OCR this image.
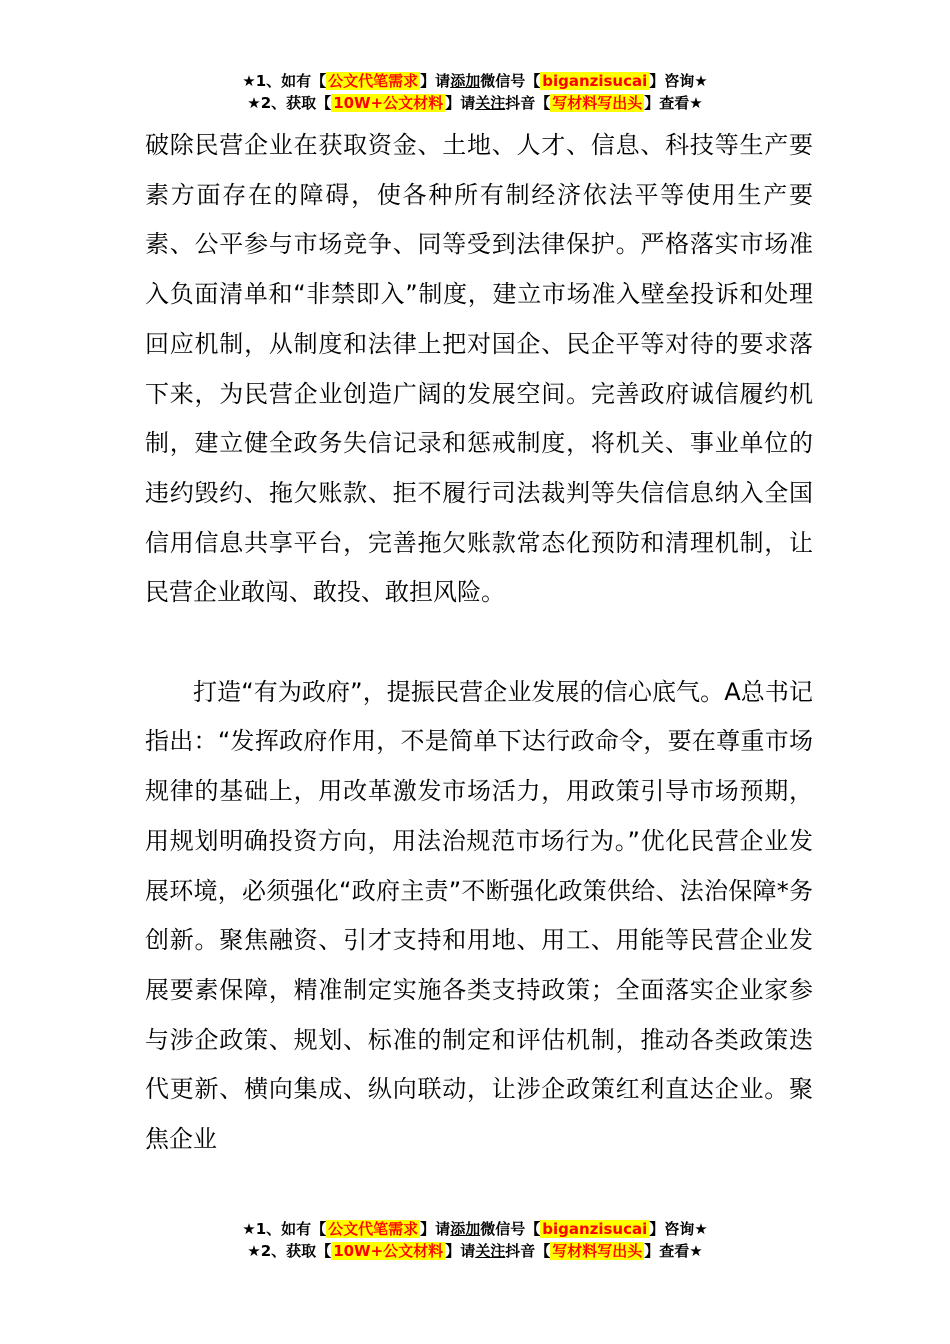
★1、如有【 公文代笔需求 】请添加微信号【 biganzisucai 】咨询★
★2、获取【 10W+公文材料 】请关注抖音【 写材料写出头 】查看★

破除民营企业在获取资金、土地、人才、信息、科技等生产要素方面存在的障碍，使各种所有制经济依法平等使用生产要素、公平参与市场竞争、同等受到法律保护。严格落实市场准入负面清单和“非禁即入”制度，建立市场准入壁垒投诉和处理回应机制，从制度和法律上把对国企、民企平等对待的要求落下来，为民营企业创造广阔的发展空间。完善政府诚信履约机制，建立健全政务失信记录和惩戒制度，将机关、事业单位的违约毁约、拖欠账款、拒不履行司法裁判等失信信息纳入全国信用信息共享平台，完善拖欠账款常态化预防和清理机制，让民营企业敢闯、敢投、敢担风险。

打造“有为政府”，提振民营企业发展的信心底气。A总书记指出：“发挥政府作用，不是简单下达行政命令，要在尊重市场规律的基础上，用改革激发市场活力，用政策引导市场预期，用规划明确投资方向，用法治规范市场行为。”优化民营企业发展环境，必须强化“政府主责”不断强化政策供给、法治保障*务创新。聚焦融资、引才支持和用地、用工、用能等民营企业发展要素保障，精准制定实施各类支持政策；全面落实企业家参与涉企政策、规划、标准的制定和评估机制，推动各类政策迭代更新、横向集成、纵向联动，让涉企政策红利直达企业。聚焦企业

★1、如有【 公文代笔需求 】请添加微信号【 biganzisucai 】咨询★
★2、获取【 10W+公文材料 】请关注抖音【 写材料写出头 】查看★
